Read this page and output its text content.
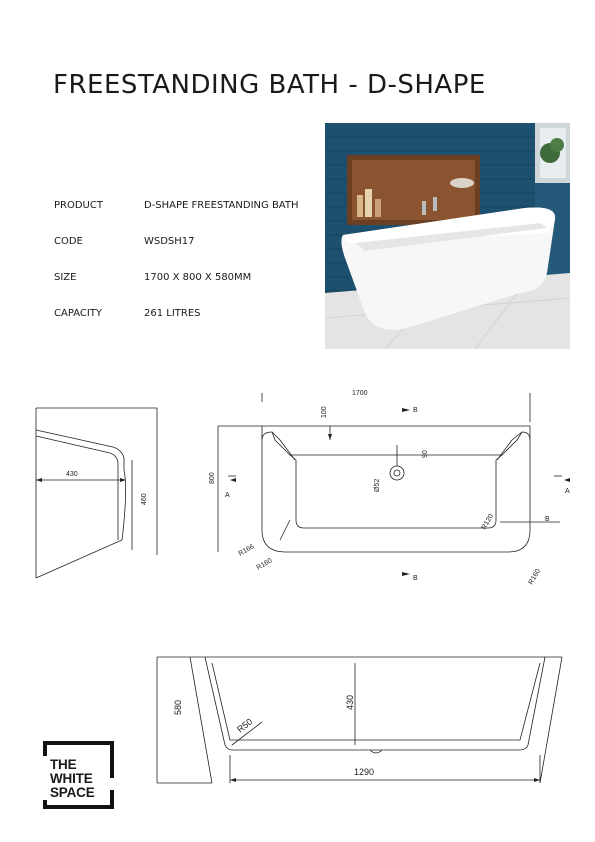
FREESTANDING BATH - D-SHAPE
PRODUCT	D-SHAPE FREESTANDING BATH
CODE	WSDSH17
SIZE	1700 X 800 X 580MM
CAPACITY	261 LITRES
430
460
1700
100	B
B
90
Ø52
800
A
A
R166
R160
R120
R160
B
580	430
1290
R50
THE
WHITE
SPACE
